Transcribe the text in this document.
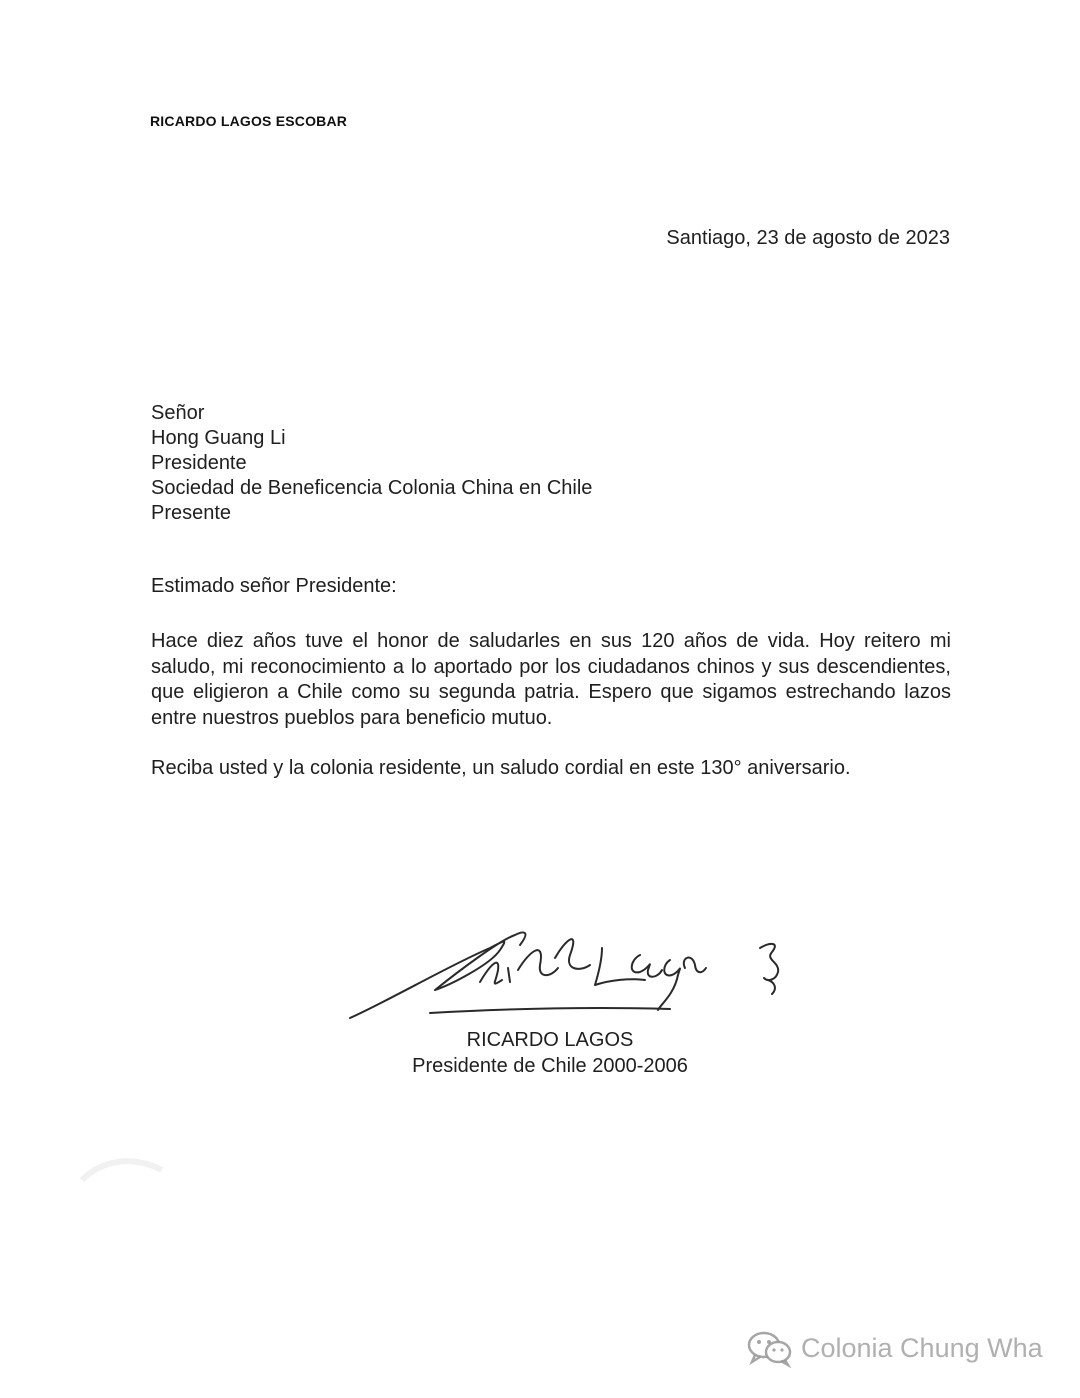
RICARDO LAGOS ESCOBAR
Santiago, 23 de agosto de 2023
Señor
Hong Guang Li
Presidente
Sociedad de Beneficencia Colonia China en Chile
Presente
Estimado señor Presidente:
Hace diez años tuve el honor de saludarles en sus 120 años de vida. Hoy reitero mi saludo, mi reconocimiento a lo aportado por los ciudadanos chinos y sus descendientes, que eligieron a Chile como su segunda patria. Espero que sigamos estrechando lazos entre nuestros pueblos para beneficio mutuo.
Reciba usted y la colonia residente, un saludo cordial en este 130° aniversario.
RICARDO LAGOS
Presidente de Chile 2000-2006
Colonia Chung Wha
